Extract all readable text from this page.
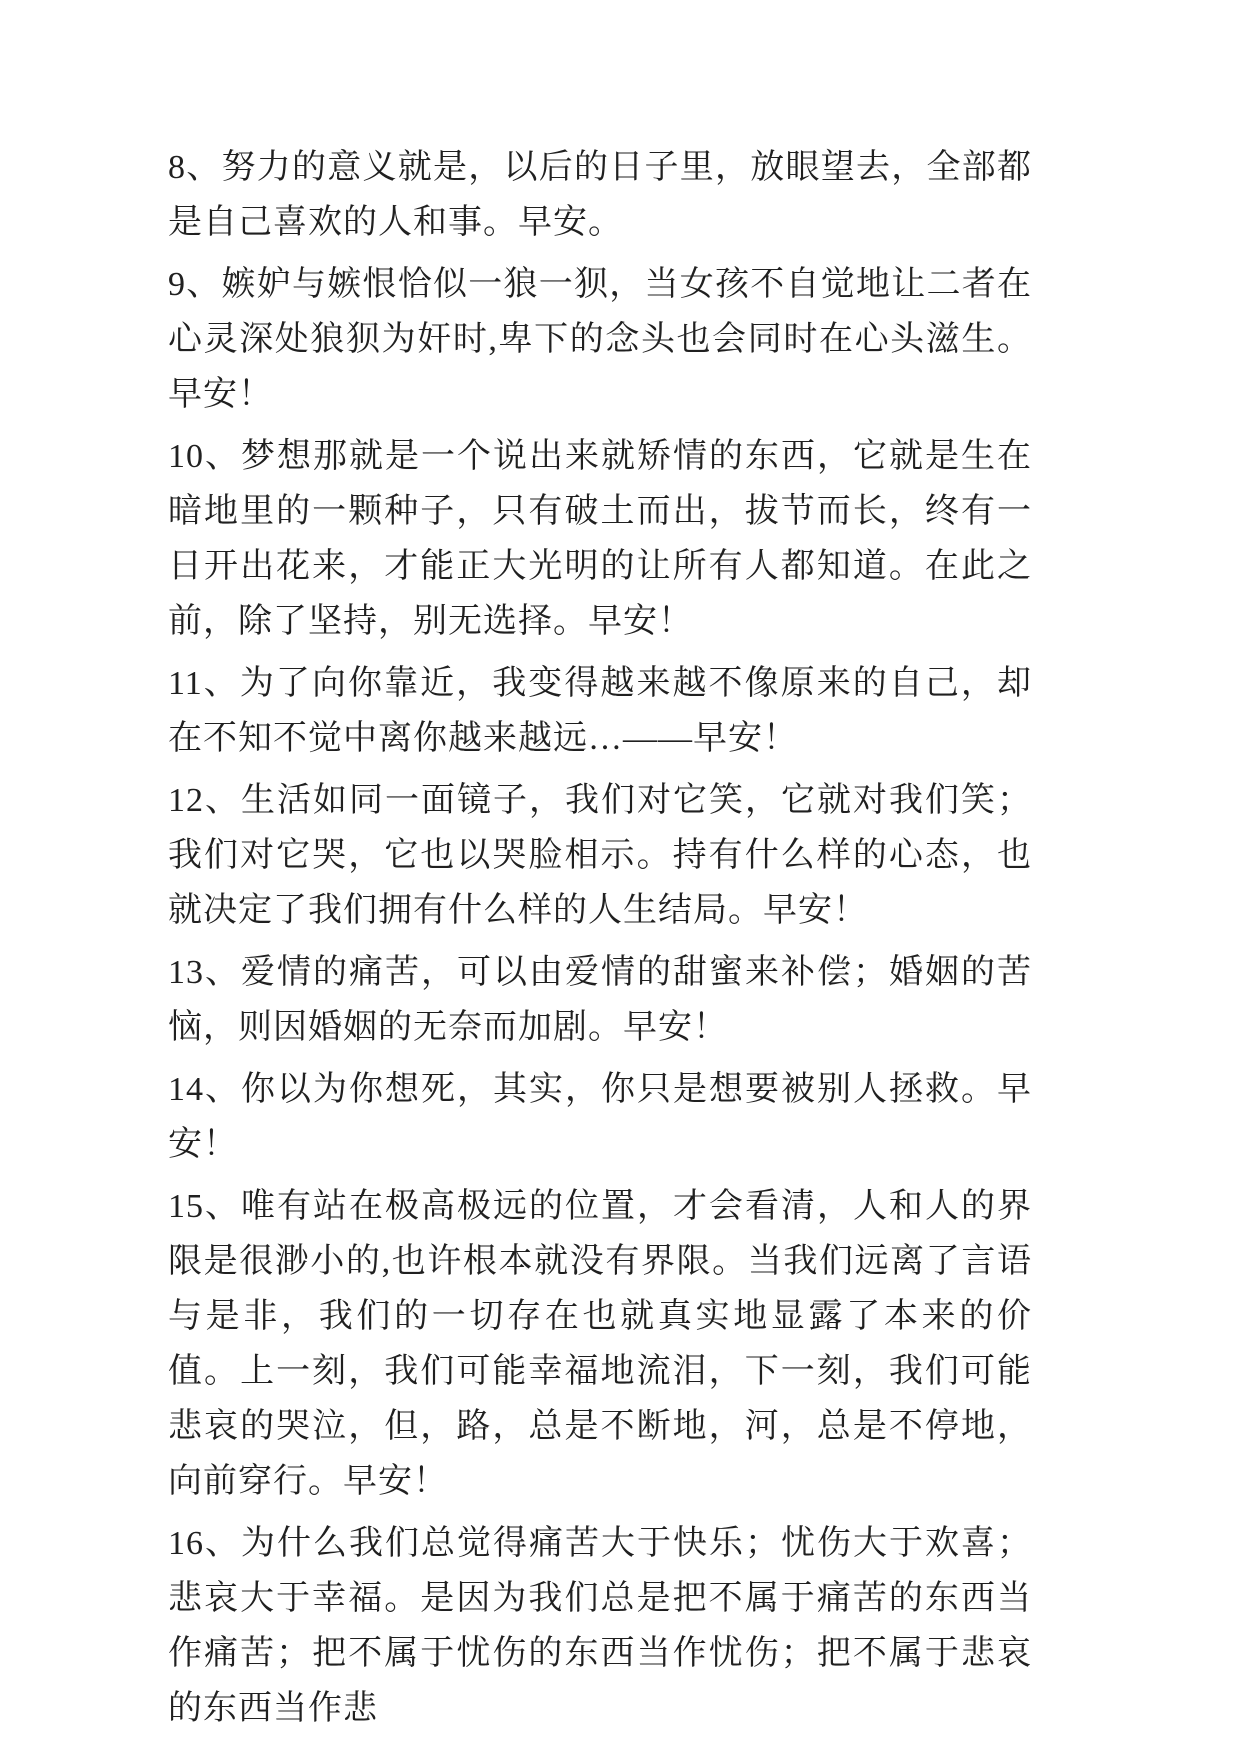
8、努力的意义就是，以后的日子里，放眼望去，全部都是自己喜欢的人和事。早安。

9、嫉妒与嫉恨恰似一狼一狈，当女孩不自觉地让二者在心灵深处狼狈为奸时,卑下的念头也会同时在心头滋生。早安！

10、梦想那就是一个说出来就矫情的东西，它就是生在暗地里的一颗种子，只有破土而出，拔节而长，终有一日开出花来，才能正大光明的让所有人都知道。在此之前，除了坚持，别无选择。早安！

11、为了向你靠近，我变得越来越不像原来的自己，却在不知不觉中离你越来越远…——早安！

12、生活如同一面镜子，我们对它笑，它就对我们笑；我们对它哭，它也以哭脸相示。持有什么样的心态，也就决定了我们拥有什么样的人生结局。早安！

13、爱情的痛苦，可以由爱情的甜蜜来补偿；婚姻的苦恼，则因婚姻的无奈而加剧。早安！

14、你以为你想死，其实，你只是想要被别人拯救。早安！

15、唯有站在极高极远的位置，才会看清，人和人的界限是很渺小的,也许根本就没有界限。当我们远离了言语与是非，我们的一切存在也就真实地显露了本来的价值。上一刻，我们可能幸福地流泪，下一刻，我们可能悲哀的哭泣，但，路，总是不断地，河，总是不停地，向前穿行。早安！

16、为什么我们总觉得痛苦大于快乐；忧伤大于欢喜；悲哀大于幸福。是因为我们总是把不属于痛苦的东西当作痛苦；把不属于忧伤的东西当作忧伤；把不属于悲哀的东西当作悲
